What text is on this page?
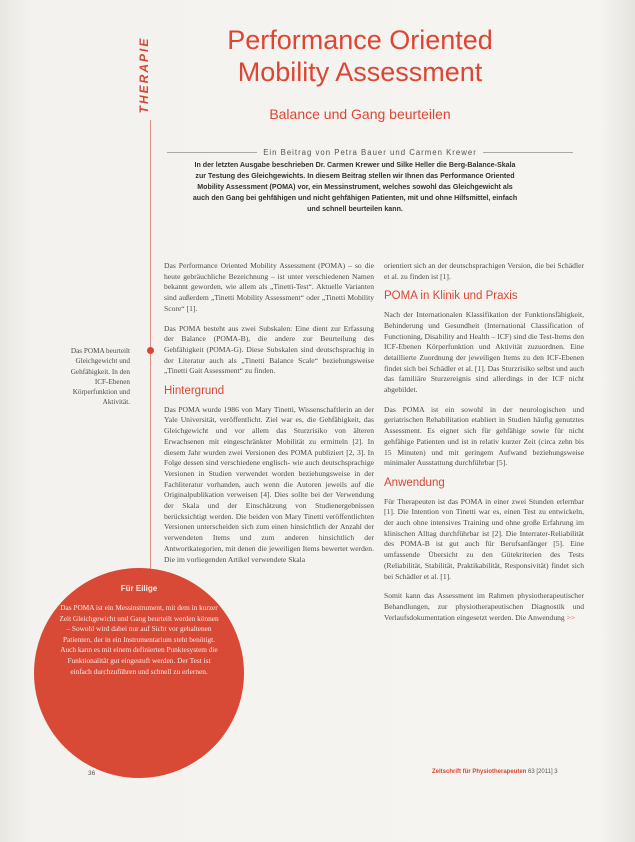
THERAPIE	Performance Oriented
Mobility Assessment
Balance und Gang beurteilen
Ein Beitrag von Petra Bauer und Carmen Krewer
In der letzten Ausgabe beschrieben Dr. Carmen Krewer und Silke Heller die Berg-Balance-Skala zur Testung des Gleichgewichts. In diesem Beitrag stellen wir Ihnen das Performance Oriented Mobility Assessment (POMA) vor, ein Messinstrument, welches sowohl das Gleichgewicht als auch den Gang bei gehfähigen und nicht gehfähigen Patienten, mit und ohne Hilfsmittel, einfach und schnell beurteilen kann.

Das Performance Oriented Mobility Assessment (POMA) – so die heute gebräuchliche Bezeichnung – ist unter verschiedenen Namen bekannt geworden, wie allem als „Tinetti-Test“. Aktuelle Varianten sind außerdem „Tinetti Mobility Assessment“ oder „Tinetti Mobility Score“ [1].

Das POMA besteht aus zwei Subskalen: Eine dient zur Erfassung der Balance (POMA-B), die andere zur Beurteilung des Gehfähigkeit (POMA-G). Diese Subskalen sind deutschsprachig in der Literatur auch als „Tinetti Balance Scale“ beziehungsweise „Tinetti Gait Assessment“ zu finden.

Hintergrund

Das POMA wurde 1986 von Mary Tinetti, Wissenschaftlerin an der Yale Universität, veröffentlicht. Ziel war es, die Gehfähigkeit, das Gleichgewicht und vor allem das Sturzrisiko von älteren Erwachsenen mit eingeschränkter Mobilität zu ermitteln [2]. In diesem Jahr wurden zwei Versionen des POMA publiziert [2, 3]. In Folge dessen sind verschiedene englisch- wie auch deutschsprachige Versionen in Studien verwendet worden beziehungsweise in der Fachliteratur vorhanden, auch wenn die Autoren jeweils auf die Originalpublikation verweisen [4]. Dies sollte bei der Verwendung der Skala und der Einschätzung von Studienergebnissen berücksichtigt werden. Die beiden von Mary Tinetti veröffentlichten Versionen unterscheiden sich zum einen hinsichtlich der Anzahl der verwendeten Items und zum anderen hinsichtlich der Antwortkategorien, mit denen die jeweiligen Items bewertet werden. Die im vorliegenden Artikel verwendete Skala

orientiert sich an der deutschsprachigen Version, die bei Schädler et al. zu finden ist [1].

POMA in Klinik und Praxis

Nach der Internationalen Klassifikation der Funktionsfähigkeit, Behinderung und Gesundheit (International Classification of Functioning, Disability and Health – ICF) sind die Test-Items den ICF-Ebenen Körperfunktion und Aktivität zuzuordnen. Eine detaillierte Zuordnung der jeweiligen Items zu den ICF-Ebenen findet sich bei Schädler et al. [1]. Das Sturzrisiko selbst und auch das familiäre Sturzereignis sind allerdings in der ICF nicht abgebildet.

Das POMA ist ein sowohl in der neurologischen und geriatrischen Rehabilitation etabliert in Studien häufig genutztes Assessment. Es eignet sich für gehfähige sowie für nicht gehfähige Patienten und ist in relativ kurzer Zeit (circa zehn bis 15 Minuten) und mit geringem Aufwand beziehungsweise minimaler Ausstattung durchführbar [5].

Anwendung

Für Therapeuten ist das POMA in einer zwei Stunden erlernbar [1]. Die Intention von Tinetti war es, einen Test zu entwickeln, der auch ohne intensives Training und ohne große Erfahrung im klinischen Alltag durchführbar ist [2]. Die Interrater-Reliabilität des POMA-B ist gut auch für Berufsanfänger [5]. Eine umfassende Übersicht zu den Gütekriterien des Tests (Reliabilität, Stabilität, Praktikabilität, Responsivität) findet sich bei Schädler et al. [1].

Somit kann das Assessment im Rahmen physiotherapeutischer Behandlungen, zur physiotherapeutischen Diagnostik und Verlaufsdokumentation eingesetzt werden. Die Anwendung >>

Das POMA beurteilt Gleichgewicht und Gehfähigkeit. In den ICF-Ebenen Körperfunktion und Aktivität.
Für Eilige
Das POMA ist ein Messinstrument, mit dem in kurzer Zeit Gleichgewicht und Gang beurteilt werden können – Sowohl wird dabei nur auf Sicht vor gehaltenen Patienten, der in ein Instrumentarium steht benötigt. Auch kann es mit einem definierten Punktesystem die Funktionalität gut eingestuft werden. Der Test ist einfach durchzuführen und schnell zu erlernen.
36	Zeitschrift für Physiotherapeuten 63 [2011] 3
